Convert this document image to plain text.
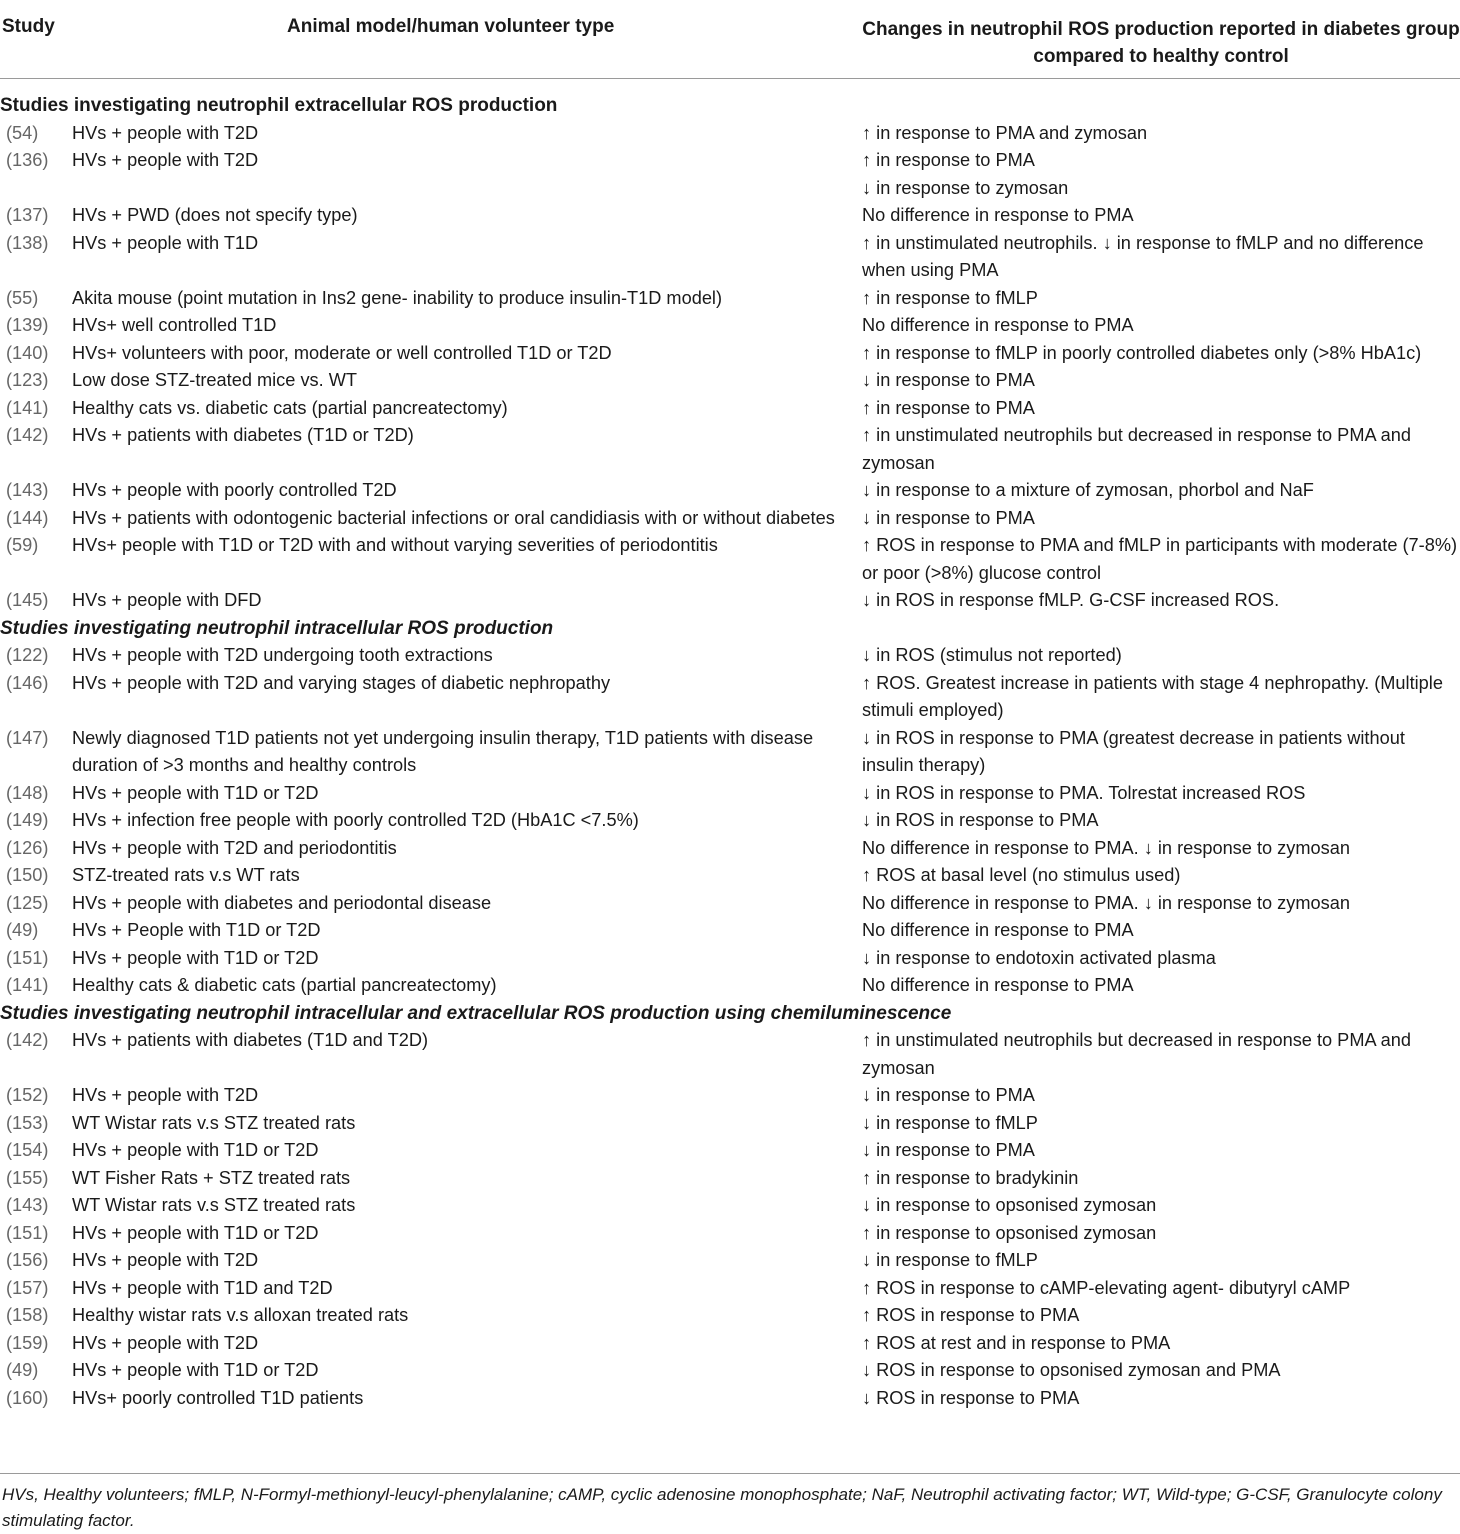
Study	Animal model/human volunteer type	Changes in neutrophil ROS production reported in diabetes group compared to healthy control
Studies investigating neutrophil extracellular ROS production		
(54)	HVs + people with T2D	↑ in response to PMA and zymosan
(136)	HVs + people with T2D	↑ in response to PMA
↓ in response to zymosan
(137)	HVs + PWD (does not specify type)	No difference in response to PMA
(138)	HVs + people with T1D	↑ in unstimulated neutrophils. ↓ in response to fMLP and no difference when using PMA
(55)	Akita mouse (point mutation in Ins2 gene- inability to produce insulin-T1D model)	↑ in response to fMLP
(139)	HVs+ well controlled T1D	No difference in response to PMA
(140)	HVs+ volunteers with poor, moderate or well controlled T1D or T2D	↑ in response to fMLP in poorly controlled diabetes only (>8% HbA1c)
(123)	Low dose STZ-treated mice vs. WT	↓ in response to PMA
(141)	Healthy cats vs. diabetic cats (partial pancreatectomy)	↑ in response to PMA
(142)	HVs + patients with diabetes (T1D or T2D)	↑ in unstimulated neutrophils but decreased in response to PMA and zymosan
(143)	HVs + people with poorly controlled T2D	↓ in response to a mixture of zymosan, phorbol and NaF
(144)	HVs + patients with odontogenic bacterial infections or oral candidiasis with or without diabetes	↓ in response to PMA
(59)	HVs+ people with T1D or T2D with and without varying severities of periodontitis	↑ ROS in response to PMA and fMLP in participants with moderate (7-8%) or poor (>8%) glucose control
(145)	HVs + people with DFD	↓ in ROS in response fMLP. G-CSF increased ROS.
Studies investigating neutrophil intracellular ROS production		
(122)	HVs + people with T2D undergoing tooth extractions	↓ in ROS (stimulus not reported)
(146)	HVs + people with T2D and varying stages of diabetic nephropathy	↑ ROS. Greatest increase in patients with stage 4 nephropathy. (Multiple stimuli employed)
(147)	Newly diagnosed T1D patients not yet undergoing insulin therapy, T1D patients with disease duration of >3 months and healthy controls	↓ in ROS in response to PMA (greatest decrease in patients without insulin therapy)
(148)	HVs + people with T1D or T2D	↓ in ROS in response to PMA. Tolrestat increased ROS
(149)	HVs + infection free people with poorly controlled T2D (HbA1C <7.5%)	↓ in ROS in response to PMA
(126)	HVs + people with T2D and periodontitis	No difference in response to PMA. ↓ in response to zymosan
(150)	STZ-treated rats v.s WT rats	↑ ROS at basal level (no stimulus used)
(125)	HVs + people with diabetes and periodontal disease	No difference in response to PMA. ↓ in response to zymosan
(49)	HVs + People with T1D or T2D	No difference in response to PMA
(151)	HVs + people with T1D or T2D	↓ in response to endotoxin activated plasma
(141)	Healthy cats & diabetic cats (partial pancreatectomy)	No difference in response to PMA
Studies investigating neutrophil intracellular and extracellular ROS production using chemiluminescence		
(142)	HVs + patients with diabetes (T1D and T2D)	↑ in unstimulated neutrophils but decreased in response to PMA and zymosan
(152)	HVs + people with T2D	↓ in response to PMA
(153)	WT Wistar rats v.s STZ treated rats	↓ in response to fMLP
(154)	HVs + people with T1D or T2D	↓ in response to PMA
(155)	WT Fisher Rats + STZ treated rats	↑ in response to bradykinin
(143)	WT Wistar rats v.s STZ treated rats	↓ in response to opsonised zymosan
(151)	HVs + people with T1D or T2D	↑ in response to opsonised zymosan
(156)	HVs + people with T2D	↓ in response to fMLP
(157)	HVs + people with T1D and T2D	↑ ROS in response to cAMP-elevating agent- dibutyryl cAMP
(158)	Healthy wistar rats v.s alloxan treated rats	↑ ROS in response to PMA
(159)	HVs + people with T2D	↑ ROS at rest and in response to PMA
(49)	HVs + people with T1D or T2D	↓ ROS in response to opsonised zymosan and PMA
(160)	HVs+ poorly controlled T1D patients	↓ ROS in response to PMA
HVs, Healthy volunteers; fMLP, N-Formyl-methionyl-leucyl-phenylalanine; cAMP, cyclic adenosine monophosphate; NaF, Neutrophil activating factor; WT, Wild-type; G-CSF, Granulocyte colony stimulating factor.
